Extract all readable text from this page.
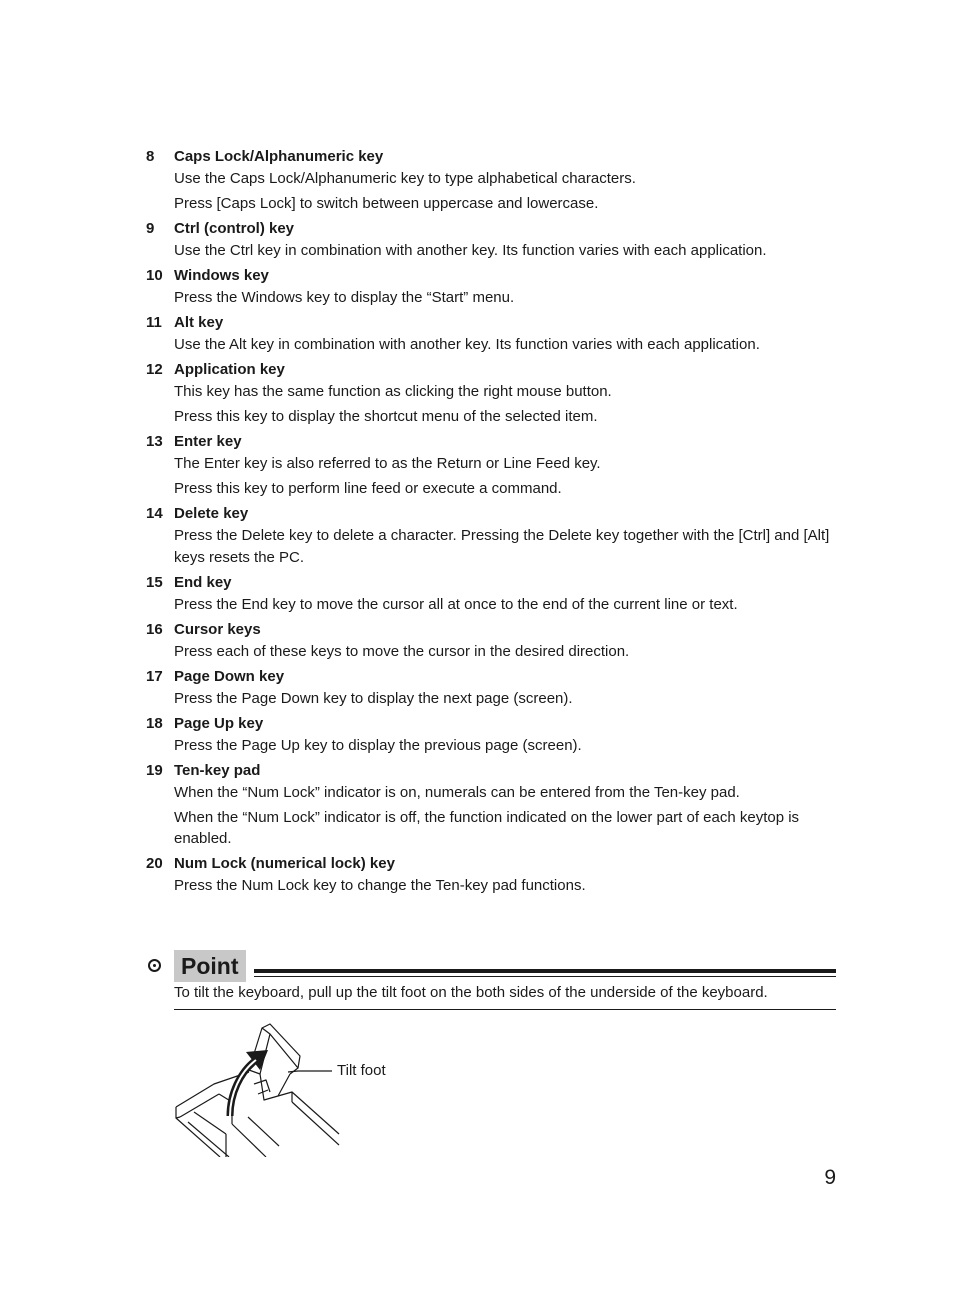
8	Caps Lock/Alphanumeric key

Use the Caps Lock/Alphanumeric key to type alphabetical characters.

Press [Caps Lock] to switch between uppercase and lowercase.

9	Ctrl (control) key

Use the Ctrl key in combination with another key. Its function varies with each application.

10 Windows key

Press the Windows key to display the “Start” menu.

11 Alt key

Use the Alt key in combination with another key. Its function varies with each application.

12 Application key

This key has the same function as clicking the right mouse button.

Press this key to display the shortcut menu of the selected item.

13 Enter key

The Enter key is also referred to as the Return or Line Feed key.

Press this key to perform line feed or execute a command.

14 Delete key

Press the Delete key to delete a character. Pressing the Delete key together with the [Ctrl] and [Alt] keys resets the PC.

15 End key

Press the End key to move the cursor all at once to the end of the current line or text.

16 Cursor keys

Press each of these keys to move the cursor in the desired direction.

17 Page Down key

Press the Page Down key to display the next page (screen).

18 Page Up key

Press the Page Up key to display the previous page (screen).

19 Ten-key pad

When the “Num Lock” indicator is on, numerals can be entered from the Ten-key pad.

When the “Num Lock” indicator is off, the function indicated on the lower part of each keytop is enabled.

20 Num Lock (numerical lock) key

Press the Num Lock key to change the Ten-key pad functions.

Point
To tilt the keyboard, pull up the tilt foot on the both sides of the underside of the keyboard.
Tilt foot
9
